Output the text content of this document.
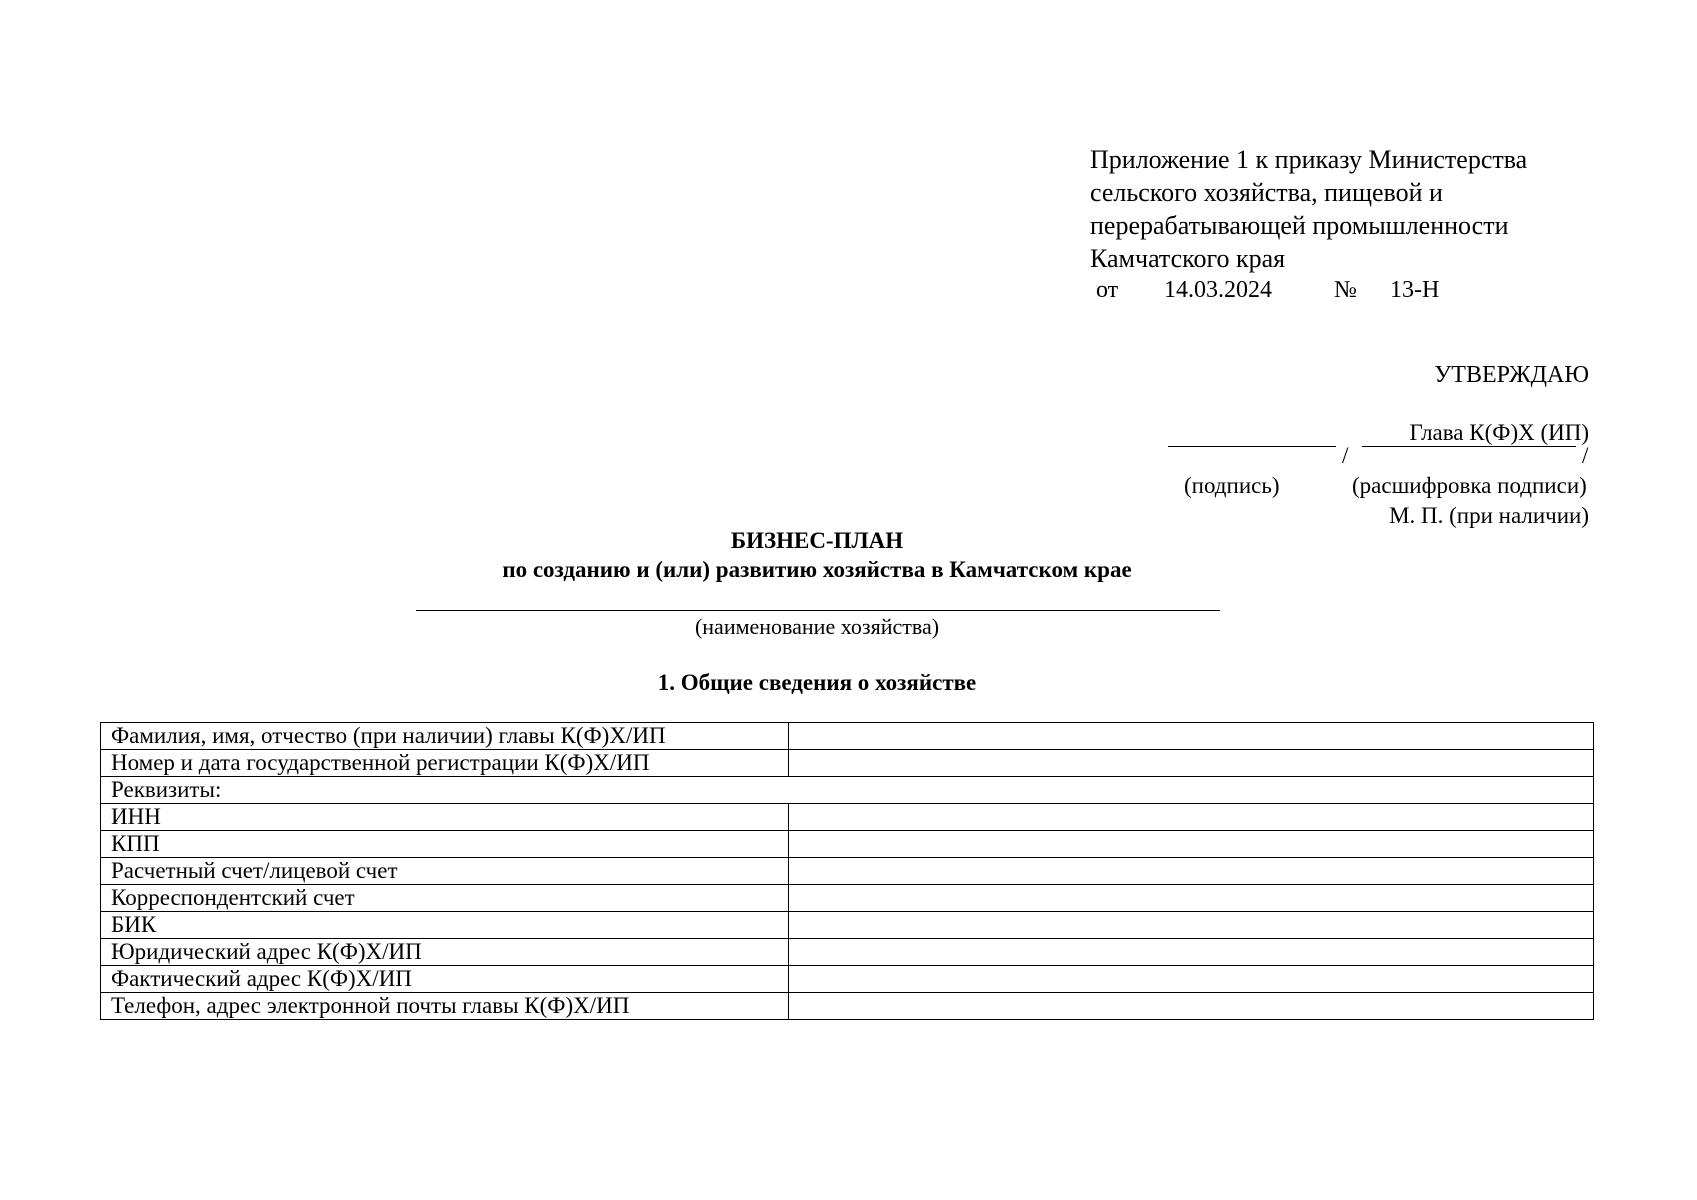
Приложение 1 к приказу Министерства
сельского хозяйства, пищевой и
перерабатывающей промышленности
Камчатского края
от 14.03.2024	№ 13-Н
УТВЕРЖДАЮ
Глава К(Ф)Х (ИП)
/	/
(подпись)	(расшифровка подписи)
М. П. (при наличии)
БИЗНЕС-ПЛАН
по созданию и (или) развитию хозяйства в Камчатском крае
(наименование хозяйства)
1. Общие сведения о хозяйстве
Фамилия, имя, отчество (при наличии) главы К(Ф)Х/ИП	
Номер и дата государственной регистрации К(Ф)Х/ИП	
Реквизиты:	
ИНН	
КПП	
Расчетный счет/лицевой счет	
Корреспондентский счет	
БИК	
Юридический адрес К(Ф)Х/ИП	
Фактический адрес К(Ф)Х/ИП	
Телефон, адрес электронной почты главы К(Ф)Х/ИП	
